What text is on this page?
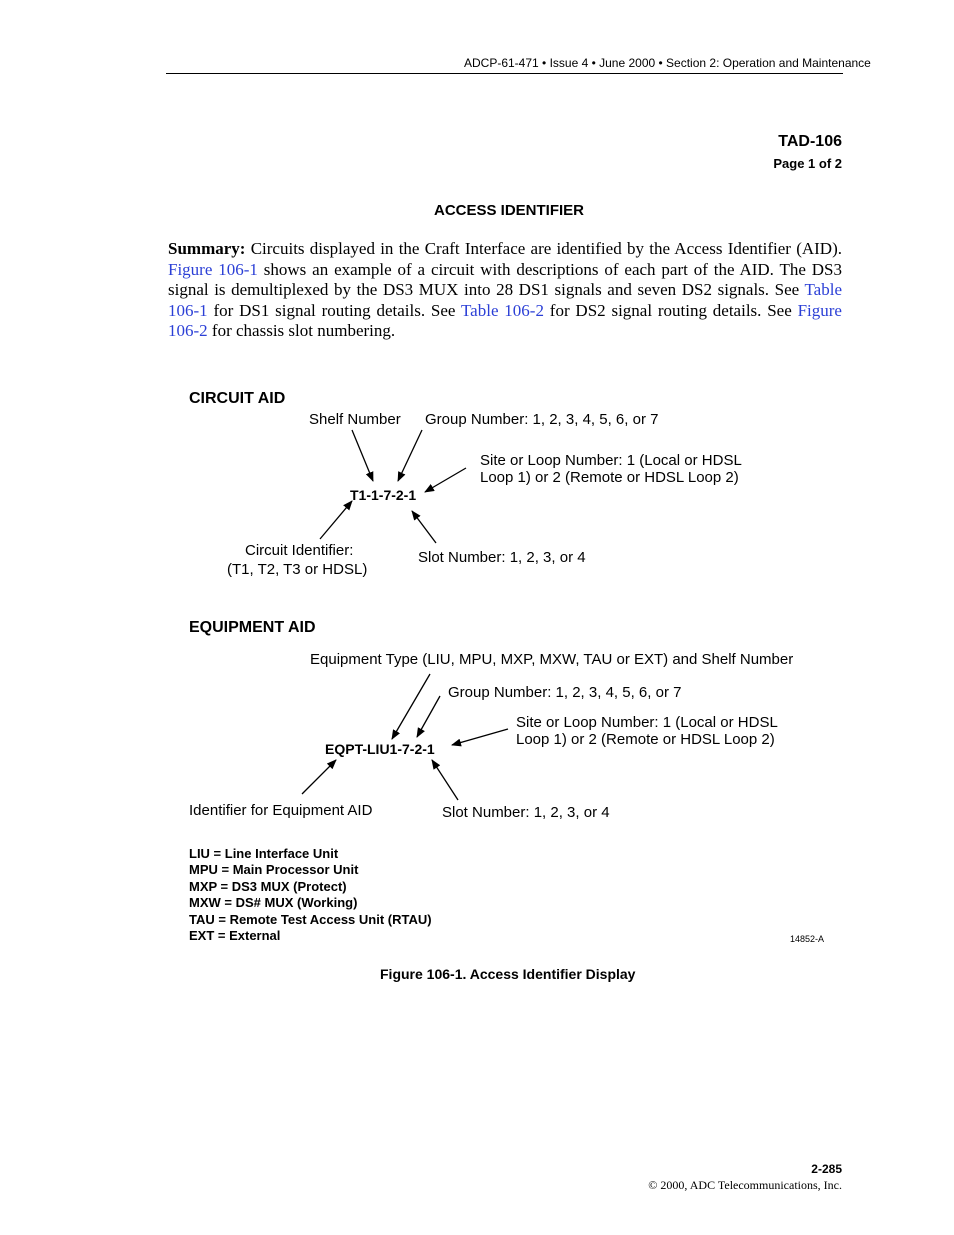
ADCP-61-471 • Issue 4 • June 2000 • Section 2: Operation and Maintenance
TAD-106
Page 1 of 2
ACCESS IDENTIFIER
Summary: Circuits displayed in the Craft Interface are identified by the Access Identifier (AID). Figure 106-1 shows an example of a circuit with descriptions of each part of the AID. The DS3 signal is demultiplexed by the DS3 MUX into 28 DS1 signals and seven DS2 signals. See Table 106-1 for DS1 signal routing details. See Table 106-2 for DS2 signal routing details. See Figure 106-2 for chassis slot numbering.
CIRCUIT AID
Shelf Number Group Number: 1, 2, 3, 4, 5, 6, or 7
Site or Loop Number: 1 (Local or HDSL
Loop 1) or 2 (Remote or HDSL Loop 2)
T1-1-7-2-1
Circuit Identifier:
(T1, T2, T3 or HDSL)
Slot Number: 1, 2, 3, or 4
EQUIPMENT AID
Equipment Type (LIU, MPU, MXP, MXW, TAU or EXT) and Shelf Number
Group Number: 1, 2, 3, 4, 5, 6, or 7
Site or Loop Number: 1 (Local or HDSL
Loop 1) or 2 (Remote or HDSL Loop 2)
EQPT-LIU1-7-2-1
Identifier for Equipment AID	Slot Number: 1, 2, 3, or 4
LIU = Line Interface Unit
MPU = Main Processor Unit
MXP = DS3 MUX (Protect)
MXW = DS# MUX (Working)
TAU = Remote Test Access Unit (RTAU)
EXT = External	14852-A
Figure 106-1. Access Identifier Display
2-285
© 2000, ADC Telecommunications, Inc.
